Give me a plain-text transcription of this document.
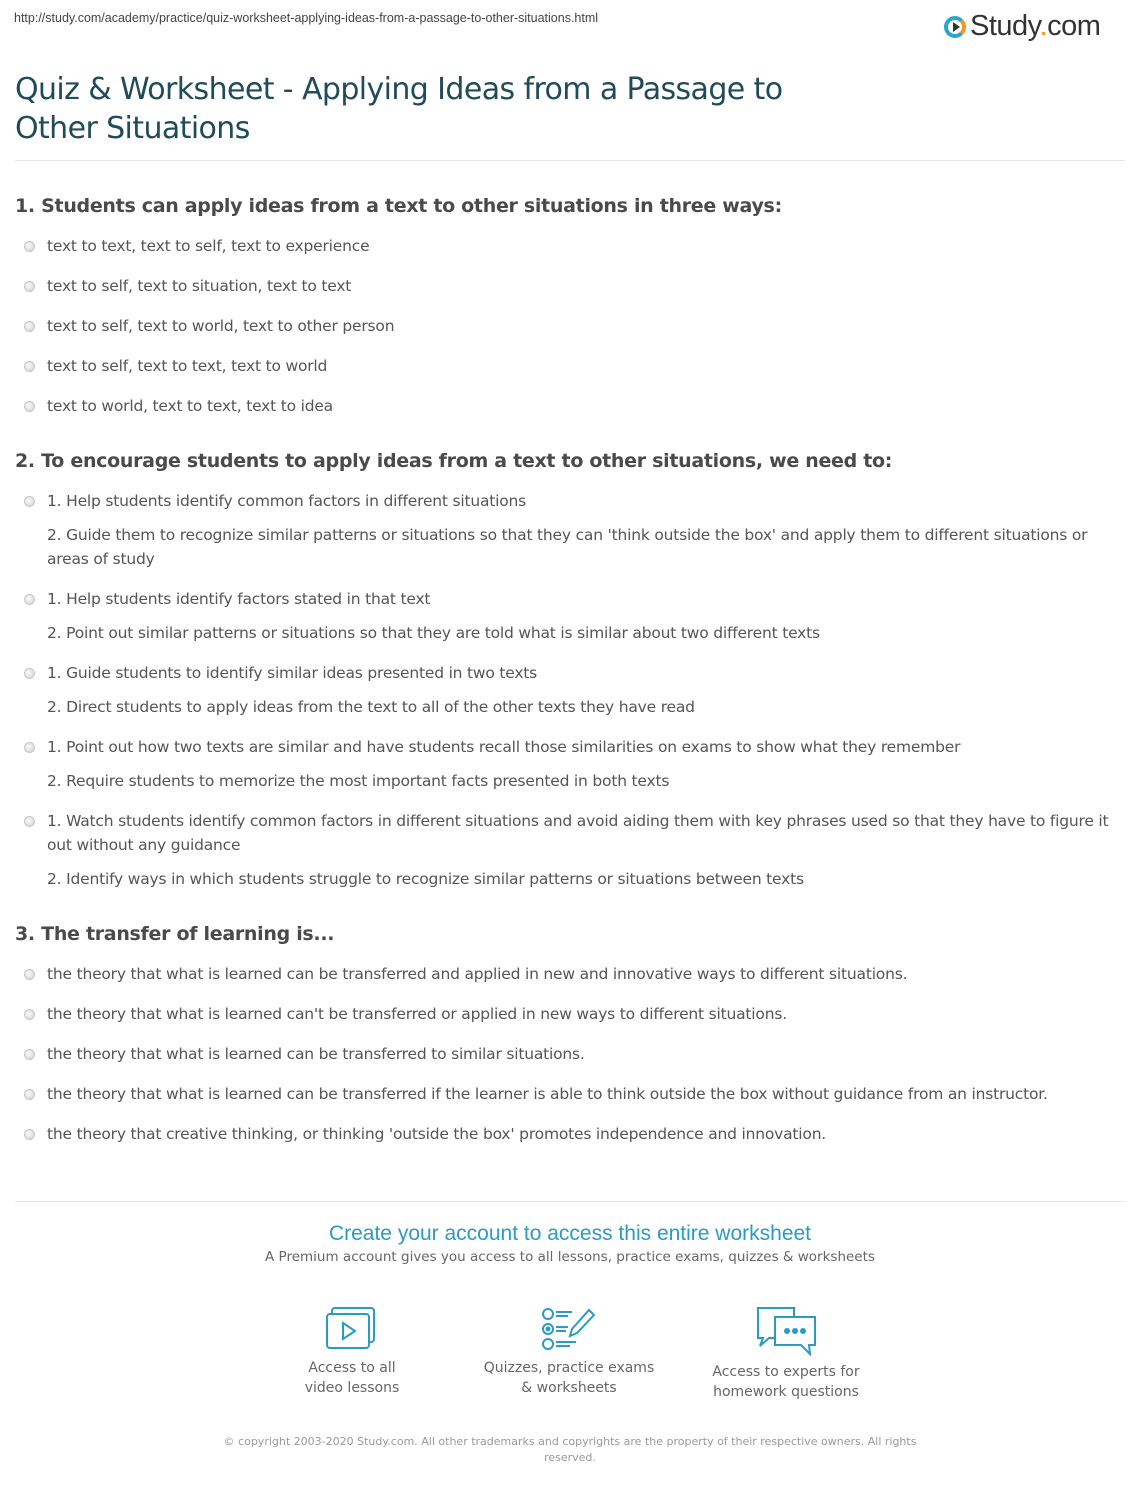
http://study.com/academy/practice/quiz-worksheet-applying-ideas-from-a-passage-to-other-situations.html	Study.com
Quiz & Worksheet - Applying Ideas from a Passage to Other Situations
1. Students can apply ideas from a text to other situations in three ways:

text to text, text to self, text to experience

text to self, text to situation, text to text

text to self, text to world, text to other person

text to self, text to text, text to world

text to world, text to text, text to idea

2. To encourage students to apply ideas from a text to other situations, we need to:

1. Help students identify common factors in different situations

2. Guide them to recognize similar patterns or situations so that they can 'think outside the box' and apply them to different situations or areas of study

1. Help students identify factors stated in that text

2. Point out similar patterns or situations so that they are told what is similar about two different texts

1. Guide students to identify similar ideas presented in two texts

2. Direct students to apply ideas from the text to all of the other texts they have read

1. Point out how two texts are similar and have students recall those similarities on exams to show what they remember

2. Require students to memorize the most important facts presented in both texts

1. Watch students identify common factors in different situations and avoid aiding them with key phrases used so that they have to figure it out without any guidance

2. Identify ways in which students struggle to recognize similar patterns or situations between texts

3. The transfer of learning is...

the theory that what is learned can be transferred and applied in new and innovative ways to different situations.

the theory that what is learned can't be transferred or applied in new ways to different situations.

the theory that what is learned can be transferred to similar situations.

the theory that what is learned can be transferred if the learner is able to think outside the box without guidance from an instructor.

the theory that creative thinking, or thinking 'outside the box' promotes independence and innovation.

Create your account to access this entire worksheet
A Premium account gives you access to all lessons, practice exams, quizzes & worksheets
Access to all
video lessons
Quizzes, practice exams
& worksheets
Access to experts for
homework questions
© copyright 2003-2020 Study.com. All other trademarks and copyrights are the property of their respective owners. All rights reserved.
